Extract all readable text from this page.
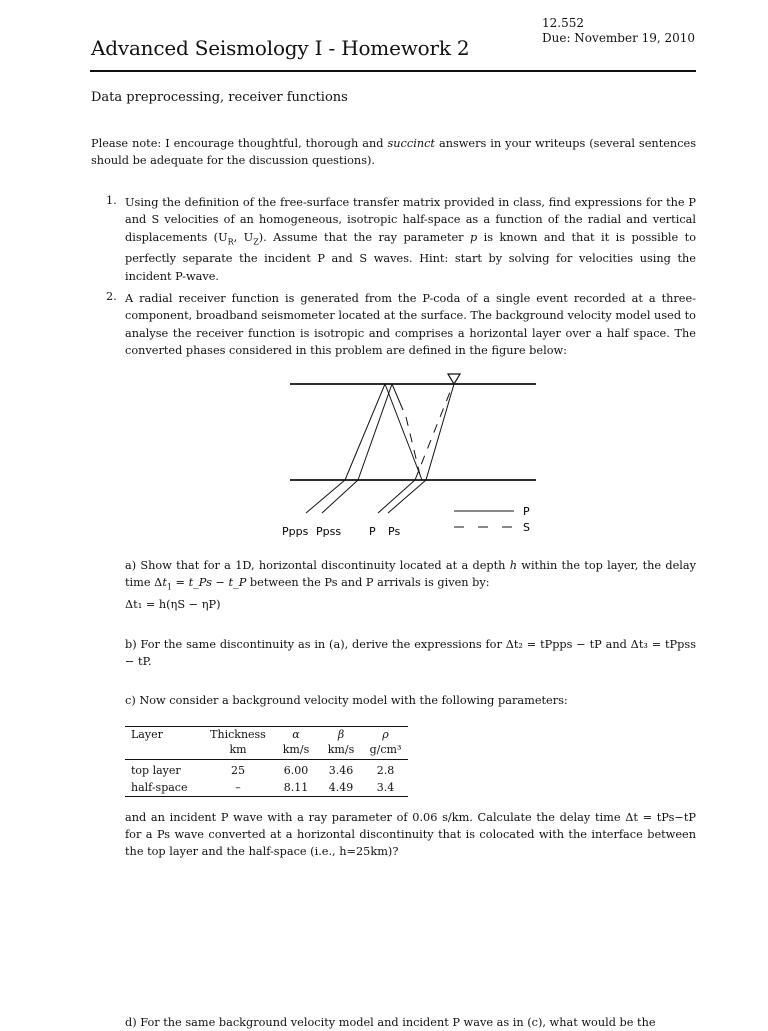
12.552
Due: November 19, 2010
Advanced Seismology I - Homework 2
Data preprocessing, receiver functions
Please note: I encourage thoughtful, thorough and succinct answers in your writeups (several sentences should be adequate for the discussion questions).
1. Using the definition of the free-surface transfer matrix provided in class, find expressions for the P and S velocities of an homogeneous, isotropic half-space as a function of the radial and vertical displacements ($U_R$, $U_Z$). Assume that the ray parameter p is known and that it is possible to perfectly separate the incident P and S waves. Hint: start by solving for velocities using the incident P-wave.
2. A radial receiver function is generated from the P-coda of a single event recorded at a three-component, broadband seismometer located at the surface. The background velocity model used to analyse the receiver function is isotropic and comprises a horizontal layer over a half space. The converted phases considered in this problem are defined in the figure below:
Ppps Ppss	P Ps
P
S
a) Show that for a 1D, horizontal discontinuity located at a depth h within the top layer, the delay time $\Delta t_1$ = t_Ps − t_P between the Ps and P arrivals is given by:
Δt₁ = h(ηS − ηP)
b) For the same discontinuity as in (a), derive the expressions for Δt₂ = tPpps − tP and Δt₃ = tPpss − tP.
c) Now consider a background velocity model with the following parameters:
Layer	Thickness	α	β	ρ
	km	km/s	km/s	g/cm³
top layer	25	6.00	3.46	2.8
half-space	–	8.11	4.49	3.4
and an incident P wave with a ray parameter of 0.06 s/km. Calculate the delay time Δt = tPs−tP for a Ps wave converted at a horizontal discontinuity that is colocated with the interface between the top layer and the half-space (i.e., h=25km)?
d) For the same background velocity model and incident P wave as in (c), what would be the
